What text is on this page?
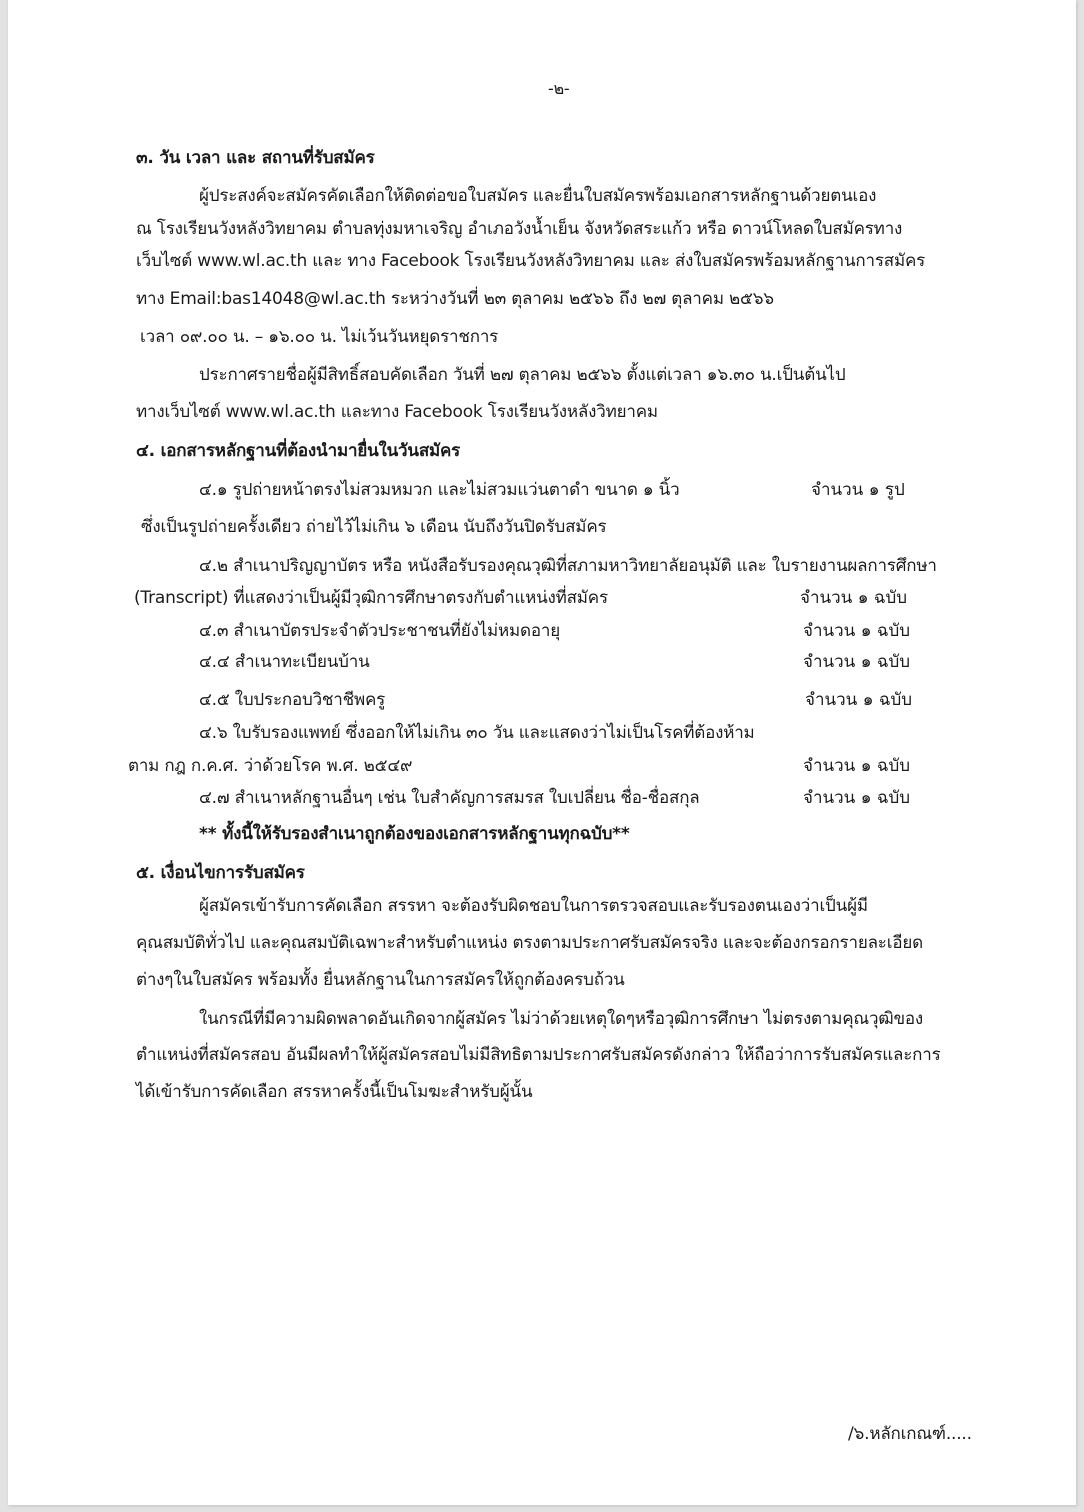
-๒-
๓. วัน เวลา และ สถานที่รับสมัคร
ผู้ประสงค์จะสมัครคัดเลือกให้ติดต่อขอใบสมัคร และยื่นใบสมัครพร้อมเอกสารหลักฐานด้วยตนเอง
ณ โรงเรียนวังหลังวิทยาคม ตำบลทุ่งมหาเจริญ อำเภอวังน้ำเย็น จังหวัดสระแก้ว หรือ ดาวน์โหลดใบสมัครทาง
เว็บไซต์ www.wl.ac.th และ ทาง Facebook โรงเรียนวังหลังวิทยาคม และ ส่งใบสมัครพร้อมหลักฐานการสมัคร
ทาง Email:bas14048@wl.ac.th ระหว่างวันที่ ๒๓ ตุลาคม ๒๕๖๖ ถึง ๒๗ ตุลาคม ๒๕๖๖
เวลา ๐๙.๐๐ น. – ๑๖.๐๐ น. ไม่เว้นวันหยุดราชการ
ประกาศรายชื่อผู้มีสิทธิ์สอบคัดเลือก วันที่ ๒๗ ตุลาคม ๒๕๖๖ ตั้งแต่เวลา ๑๖.๓๐ น.เป็นต้นไป
ทางเว็บไซต์ www.wl.ac.th และทาง Facebook โรงเรียนวังหลังวิทยาคม
๔. เอกสารหลักฐานที่ต้องนำมายื่นในวันสมัคร
๔.๑ รูปถ่ายหน้าตรงไม่สวมหมวก และไม่สวมแว่นตาดำ ขนาด ๑ นิ้ว	จำนวน ๑ รูป
ซึ่งเป็นรูปถ่ายครั้งเดียว ถ่ายไว้ไม่เกิน ๖ เดือน นับถึงวันปิดรับสมัคร
๔.๒ สำเนาปริญญาบัตร หรือ หนังสือรับรองคุณวุฒิที่สภามหาวิทยาลัยอนุมัติ และ ใบรายงานผลการศึกษา
(Transcript) ที่แสดงว่าเป็นผู้มีวุฒิการศึกษาตรงกับตำแหน่งที่สมัคร	จำนวน ๑ ฉบับ
๔.๓ สำเนาบัตรประจำตัวประชาชนที่ยังไม่หมดอายุ	จำนวน ๑ ฉบับ
๔.๔ สำเนาทะเบียนบ้าน	จำนวน ๑ ฉบับ
๔.๕ ใบประกอบวิชาชีพครู	จำนวน ๑ ฉบับ
๔.๖ ใบรับรองแพทย์ ซึ่งออกให้ไม่เกิน ๓๐ วัน และแสดงว่าไม่เป็นโรคที่ต้องห้าม
ตาม กฎ ก.ค.ศ. ว่าด้วยโรค พ.ศ. ๒๕๔๙	จำนวน ๑ ฉบับ
๔.๗ สำเนาหลักฐานอื่นๆ เช่น ใบสำคัญการสมรส ใบเปลี่ยน ชื่อ-ชื่อสกุล	จำนวน ๑ ฉบับ
** ทั้งนี้ให้รับรองสำเนาถูกต้องของเอกสารหลักฐานทุกฉบับ**
๕. เงื่อนไขการรับสมัคร
ผู้สมัครเข้ารับการคัดเลือก สรรหา จะต้องรับผิดชอบในการตรวจสอบและรับรองตนเองว่าเป็นผู้มี
คุณสมบัติทั่วไป และคุณสมบัติเฉพาะสำหรับตำแหน่ง ตรงตามประกาศรับสมัครจริง และจะต้องกรอกรายละเอียด
ต่างๆในใบสมัคร พร้อมทั้ง ยื่นหลักฐานในการสมัครให้ถูกต้องครบถ้วน
ในกรณีที่มีความผิดพลาดอันเกิดจากผู้สมัคร ไม่ว่าด้วยเหตุใดๆหรือวุฒิการศึกษา ไม่ตรงตามคุณวุฒิของ
ตำแหน่งที่สมัครสอบ อันมีผลทำให้ผู้สมัครสอบไม่มีสิทธิตามประกาศรับสมัครดังกล่าว ให้ถือว่าการรับสมัครและการ
ได้เข้ารับการคัดเลือก สรรหาครั้งนี้เป็นโมฆะสำหรับผู้นั้น
/๖.หลักเกณฑ์.....
